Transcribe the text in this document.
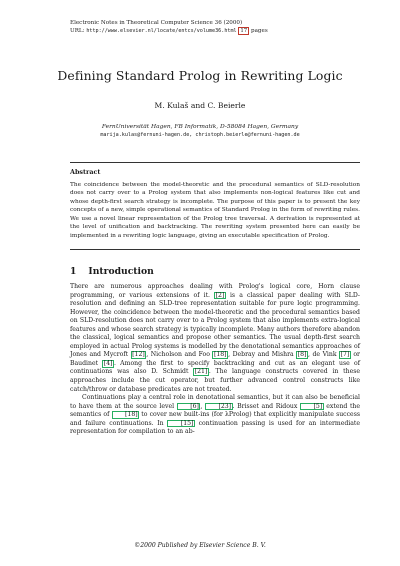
Electronic Notes in Theoretical Computer Science 36 (2000)
URL: http://www.elsevier.nl/locate/entcs/volume36.html 17 pages
Defining Standard Prolog in Rewriting Logic
M. Kulaš and C. Beierle
FernUniversität Hagen, FB Informatik, D-58084 Hagen, Germany
marija.kulas@fernuni-hagen.de, christoph.beierle@fernuni-hagen.de
Abstract
The coincidence between the model-theoretic and the procedural semantics of SLD-resolution does not carry over to a Prolog system that also implements non-logical features like cut and whose depth-first search strategy is incomplete. The purpose of this paper is to present the key concepts of a new, simple operational semantics of Standard Prolog in the form of rewriting rules. We use a novel linear representation of the Prolog tree traversal. A derivation is represented at the level of unification and backtracking. The rewriting system presented here can easily be implemented in a rewriting logic language, giving an executable specification of Prolog.
1 Introduction

There are numerous approaches dealing with Prolog's logical core, Horn clause programming, or various extensions of it. [2] is a classical paper dealing with SLD-resolution and defining an SLD-tree representation suitable for pure logic programming. However, the coincidence between the model-theoretic and the procedural semantics based on SLD-resolution does not carry over to a Prolog system that also implements extra-logical features and whose search strategy is typically incomplete. Many authors therefore abandon the classical, logical semantics and propose other semantics. The usual depth-first search employed in actual Prolog systems is modelled by the denotational semantics approaches of Jones and Mycroft [12] , Nicholson and Foo [18] , Debray and Mishra [8] , de Vink [7] or Baudinet [4] . Among the first to specify backtracking and cut as an elegant use of continuations was also D. Schmidt [21] . The language constructs covered in these approaches include the cut operator, but further advanced control constructs like catch/throw or database predicates are not treated.

Continuations play a central role in denotational semantics, but it can also be beneficial to have them at the source level [6] , [23] . Brisset and Ridoux [5] extend the semantics of [18] to cover new built-ins (for λProlog) that explicitly manipulate success and failure continuations. In [15] continuation passing is used for an intermediate representation for compilation to an ab-

©2000 Published by Elsevier Science B. V.
